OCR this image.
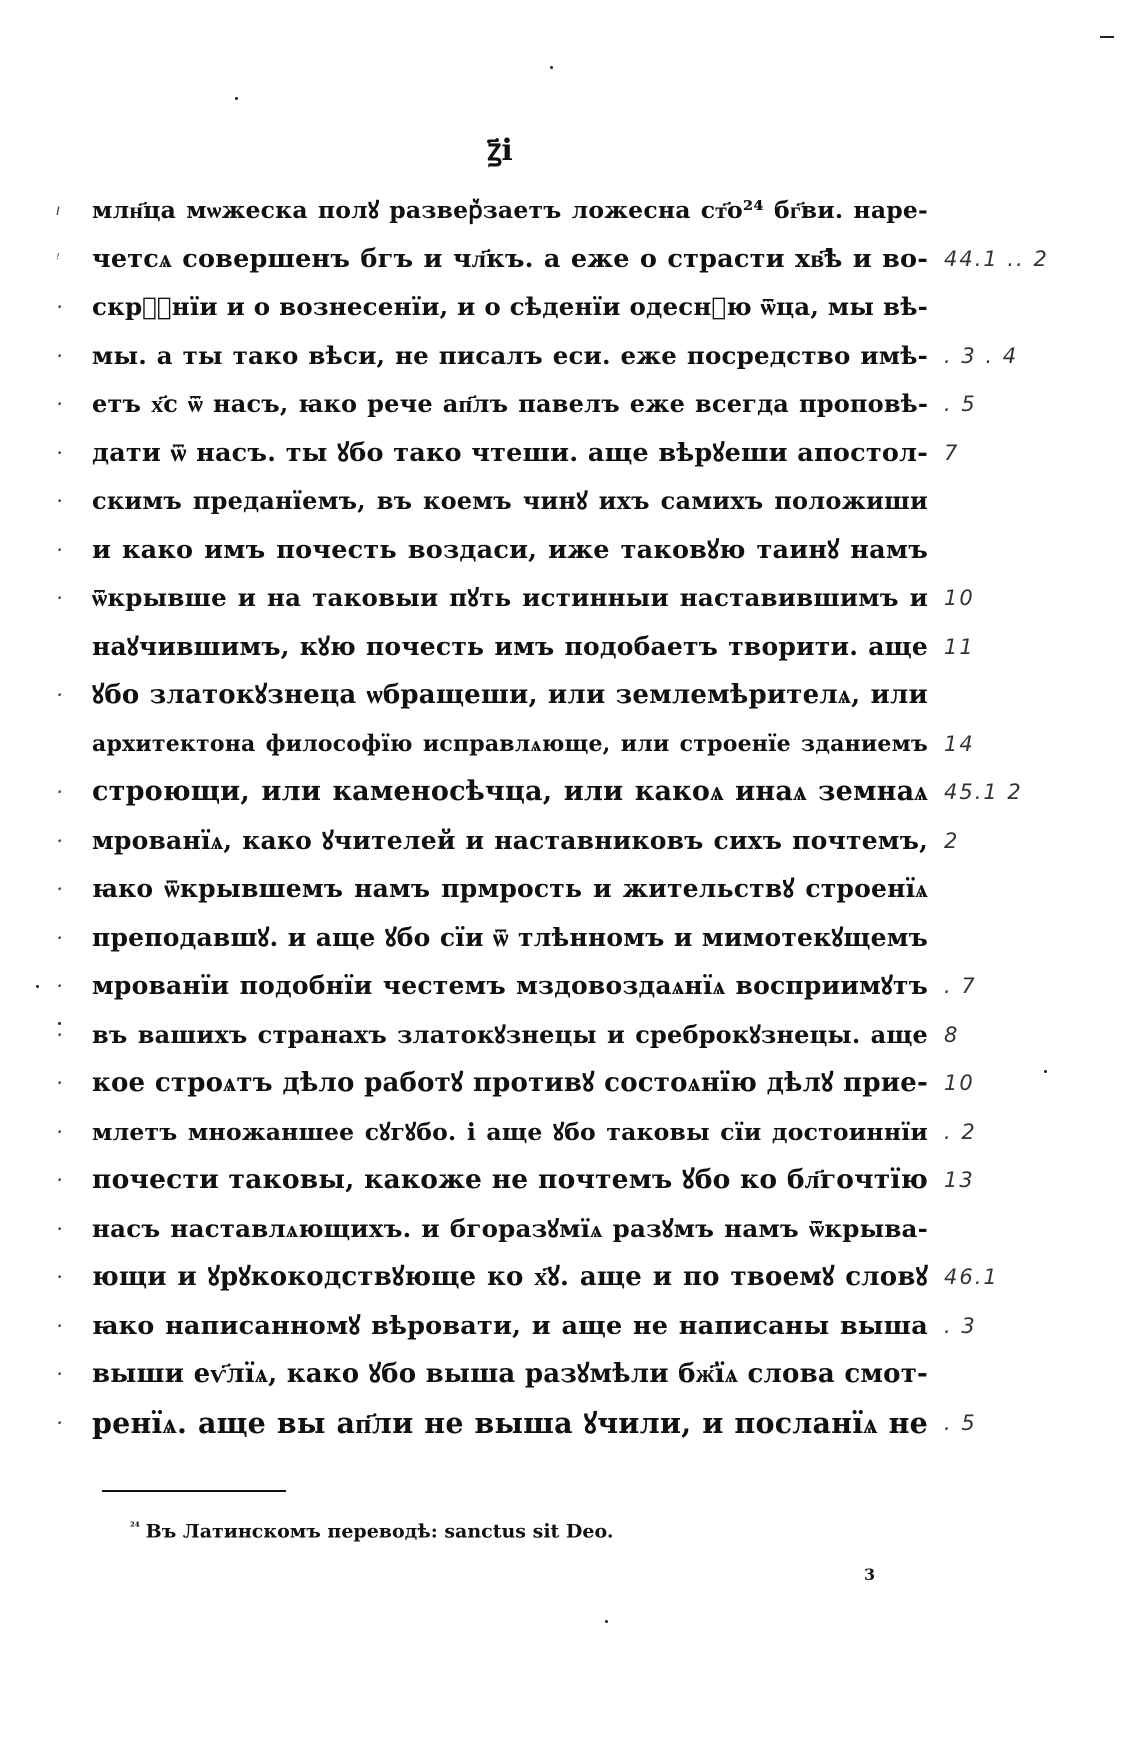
ꙁ҃і
ı	млн҃ца мѡжеска полꙋ развер꙽заетъ ложесна ст҃о²⁴ бг҃ви. наре-
ꜝ	четсѧ совершенъ бгъ и чл҃къ. а еже о страсти хв҃ѣ и во- 44.1 .. 2
ꞏ	скрⷭ҇нїи и о вознесенїи, и о сѣденїи одеснꙋю ѿца, мы вѣ-
ꞏ	мы. а ты тако вѣси, не писалъ еси. еже посредство имѣ- . 3 . 4
ꞏ	етъ х҃с ѿ насъ, ꙗко рече ап҃лъ павелъ еже всегда проповѣ- . 5
ꞏ	дати ѿ насъ. ты ꙋбо тако чтеши. аще вѣрꙋеши апостол- 7
ꞏ	скимъ преданїемъ, въ коемъ чинꙋ ихъ самихъ положиши
ꞏ	и како имъ почесть воздаси, иже таковꙋю таинꙋ намъ
ꞏ	ѿкрывше и на таковыи пꙋть истинныи наставившимъ и 10
наꙋчившимъ, кꙋю почесть имъ подобаетъ творити. аще 11
ꞏ	ꙋбо златокꙋзнеца ѡбращеши, или землемѣрителѧ, или
архитектона философїю исправлѧюще, или строенїе зданиемъ 14
ꞏ	строющи, или каменосѣчца, или какоѧ инаѧ земнаѧ 45.1 2
ꞏ	мрованїѧ, како ꙋчителей и наставниковъ сихъ почтемъ, 2
ꞏ	ꙗко ѿкрывшемъ намъ прмрость и жительствꙋ строенїѧ
ꞏ	преподавшꙋ. и аще ꙋбо сїи ѿ тлѣнномъ и мимотекꙋщемъ
ꞏ	мрованїи подобнїи честемъ мздовоздаѧнїѧ восприимꙋтъ . 7
ꞏ	въ вашихъ странахъ златокꙋзнецы и среброкꙋзнецы. аще 8
ꞏ	кое строѧтъ дѣло работꙋ противꙋ состоѧнїю дѣлꙋ прие- 10
ꞏ	млетъ множаншее сꙋгꙋбо. і аще ꙋбо таковы сїи достоиннїи . 2
ꞏ	почести таковы, какоже не почтемъ ꙋбо ко бл҃гочтїю 13
ꞏ	насъ наставлѧющихъ. и бгоразꙋмїѧ разꙋмъ намъ ѿкрыва-
ꞏ	ющи и ꙋрꙋкокодствꙋюще ко х҃ꙋ. аще и по твоемꙋ словꙋ 46.1
ꞏ	ꙗко написанномꙋ вѣровати, и аще не написаны выша . 3
ꞏ	выши еѵ҃лїѧ, како ꙋбо выша разꙋмѣли бж҃їѧ слова смот-
ꞏ	ренїѧ. аще вы ап҃ли не выша ꙋчили, и посланїѧ не . 5
$^{^{24}}$ Въ Латинскомъ переводѣ: sanctus sit Deo.
3
